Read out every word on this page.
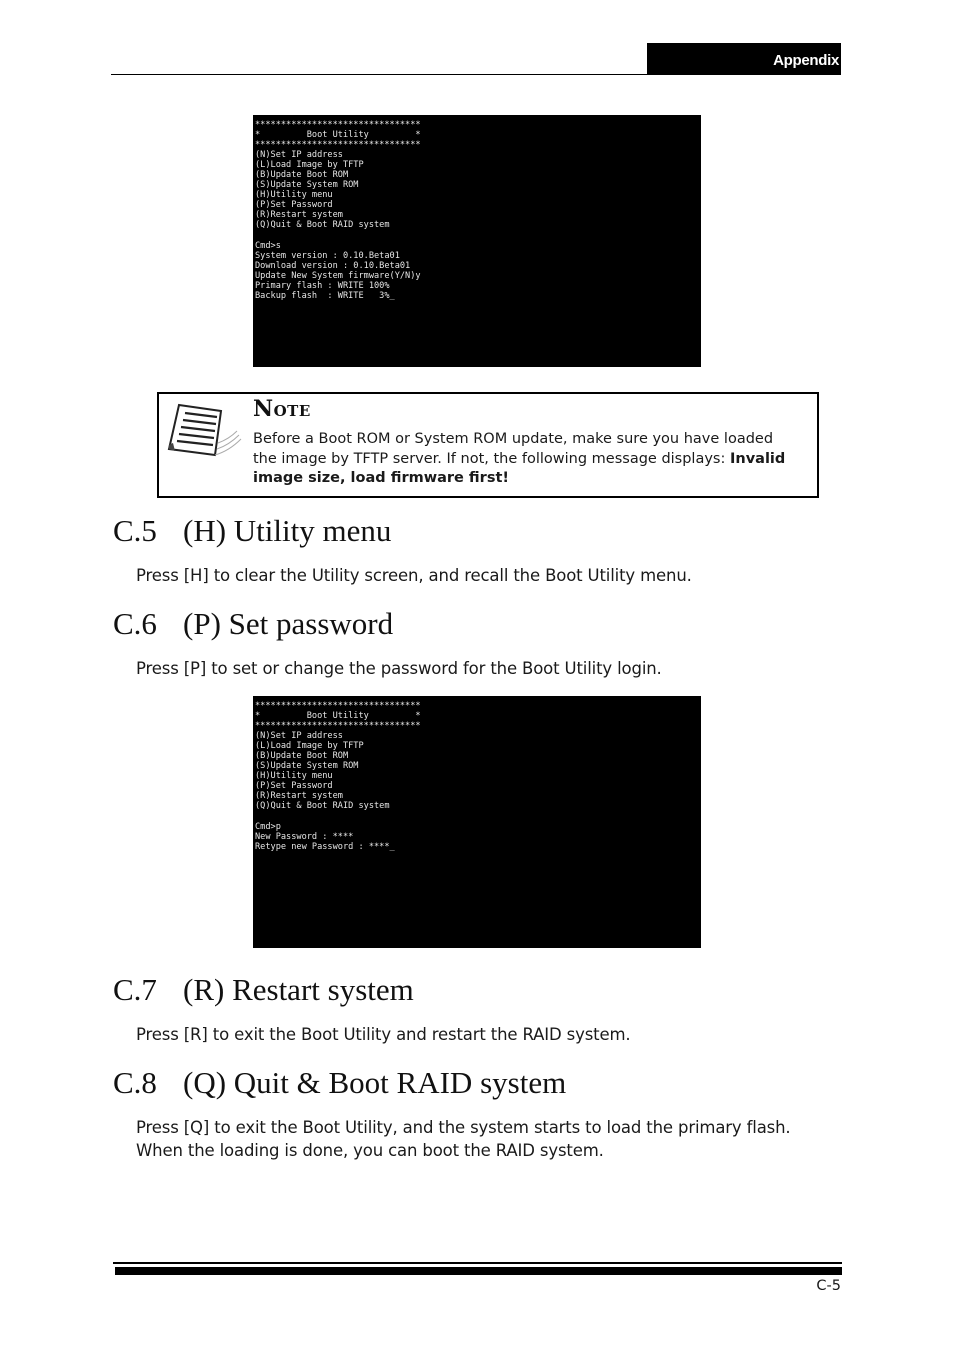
Appendix
********************************
*         Boot Utility         *
********************************
(N)Set IP address
(L)Load Image by TFTP
(B)Update Boot ROM
(S)Update System ROM
(H)Utility menu
(P)Set Password
(R)Restart system
(Q)Quit & Boot RAID system
Cmd>s
System version : 0.10.Beta01
Download version : 0.10.Beta01
Update New System firmware(Y/N)y
Primary flash : WRITE 100%
Backup flash  : WRITE   3%_
Note
Before a Boot ROM or System ROM update, make sure you have loaded the image by TFTP server. If not, the following message displays: Invalid image size, load firmware first!
C.5 (H) Utility menu
Press [H] to clear the Utility screen, and recall the Boot Utility menu.
C.6 (P) Set password
Press [P] to set or change the password for the Boot Utility login.
********************************
*         Boot Utility         *
********************************
(N)Set IP address
(L)Load Image by TFTP
(B)Update Boot ROM
(S)Update System ROM
(H)Utility menu
(P)Set Password
(R)Restart system
(Q)Quit & Boot RAID system
Cmd>p
New Password : ****
Retype new Password : ****_
C.7 (R) Restart system
Press [R] to exit the Boot Utility and restart the RAID system.
C.8 (Q) Quit & Boot RAID system
Press [Q] to exit the Boot Utility, and the system starts to load the primary flash. When the loading is done, you can boot the RAID system.
C-5
